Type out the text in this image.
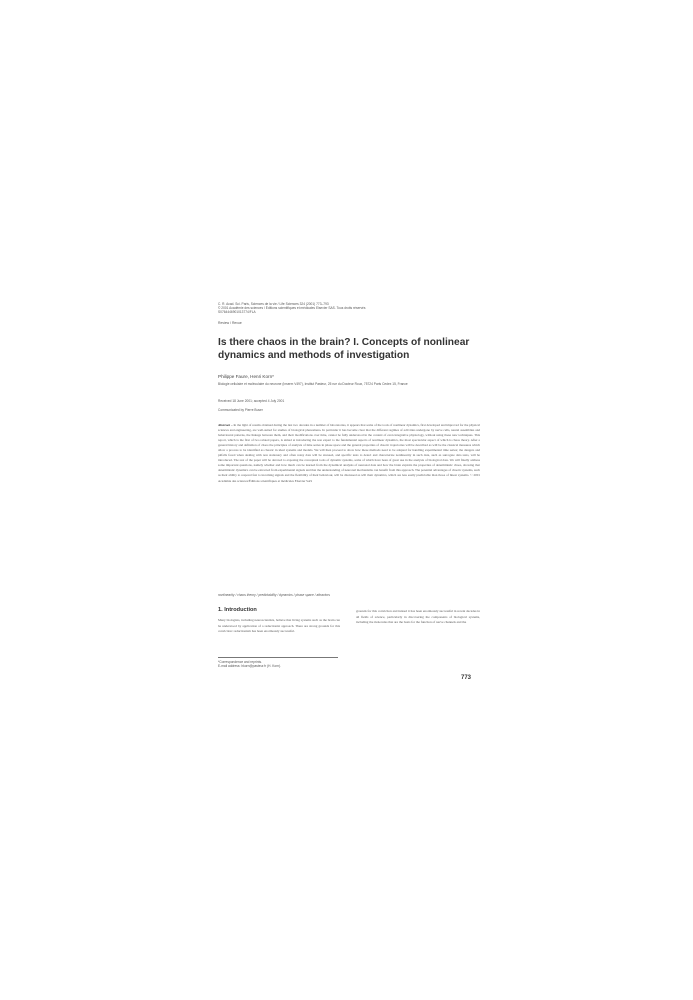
C. R. Acad. Sci. Paris, Sciences de la vie / Life Sciences 324 (2001) 773–793
© 2001 Académie des sciences / Éditions scientifiques et médicales Elsevier SAS. Tous droits réservés
S0764446901013774/FLA
Review / Revue
Is there chaos in the brain? I. Concepts of nonlinear dynamics and methods of investigation
Philippe Faure, Henri Korn*
Biologie cellulaire et moléculaire du neurone (Inserm V497), Institut Pasteur, 25 rue du Docteur Roux, 75724 Paris Cedex 15, France
Received 18 June 2001; accepted 4 July 2001
Communicated by Pierre Buser
Abstract – In the light of results obtained during the last two decades in a number of laboratories, it appears that some of the tools of nonlinear dynamics, first developed and improved for the physical sciences and engineering, are well-suited for studies of biological phenomena. In particular it has become clear that the different regimes of activities undergone by nerve cells, neural assemblies and behavioural patterns, the linkage between them, and their modifications over time, cannot be fully understood in the context of even integrative physiology, without using these new techniques. This report, which is the first of two related papers, is aimed at introducing the non expert to the fundamental aspects of nonlinear dynamics, the most spectacular aspect of which is chaos theory. After a general history and definition of chaos the principles of analysis of time series in phase space and the general properties of chaotic trajectories will be described as will be the classical measures which allow a process to be identified as chaotic in ideal systems and models. We will then proceed to show how these methods need to be adapted for handling experimental time series; the dangers and pitfalls faced when dealing with non stationary and often noisy data will be stressed, and specific tests to detect and characterize nonlinearity in such data, such as surrogate data tests, will be introduced. The rest of the paper will be devoted to exposing the conceptual tools of dynamic systems, some of which have been of great use in the analysis of biological data. We will finally address some important questions, namely whether and how much can be learned from the dynamical analysis of neuronal data and how the brain exploits the properties of deterministic chaos, showing that deterministic dynamics can be extracted from experimental signals and that the understanding of neuronal mechanisms can benefit from this approach. The potential advantages of chaotic systems, such as their ability to respond fast to incoming signals and the flexibility of their behaviour, will be discussed as will their dynamics, which are less easily predictable than those of linear systems. © 2001 Académie des sciences/Éditions scientifiques et médicales Elsevier SAS
nonlinearity / chaos theory / predictability / dynamics / phase space / attractors
1. Introduction
Many biologists, including neuroscientists, believe that living systems such as the brain can be understood by application of a reductionist approach. There are strong grounds for this conviction: reductionism has been enormously successful.
grounds for this conviction and indeed it has been enormously successful in recent decades in all fields of science, particularly in discovering the components of biological systems, including the molecules that are the basis for the function of nerve channels and the
*Correspondence and reprints.
E-mail address: hkorn@pasteur.fr (H. Korn).
773
